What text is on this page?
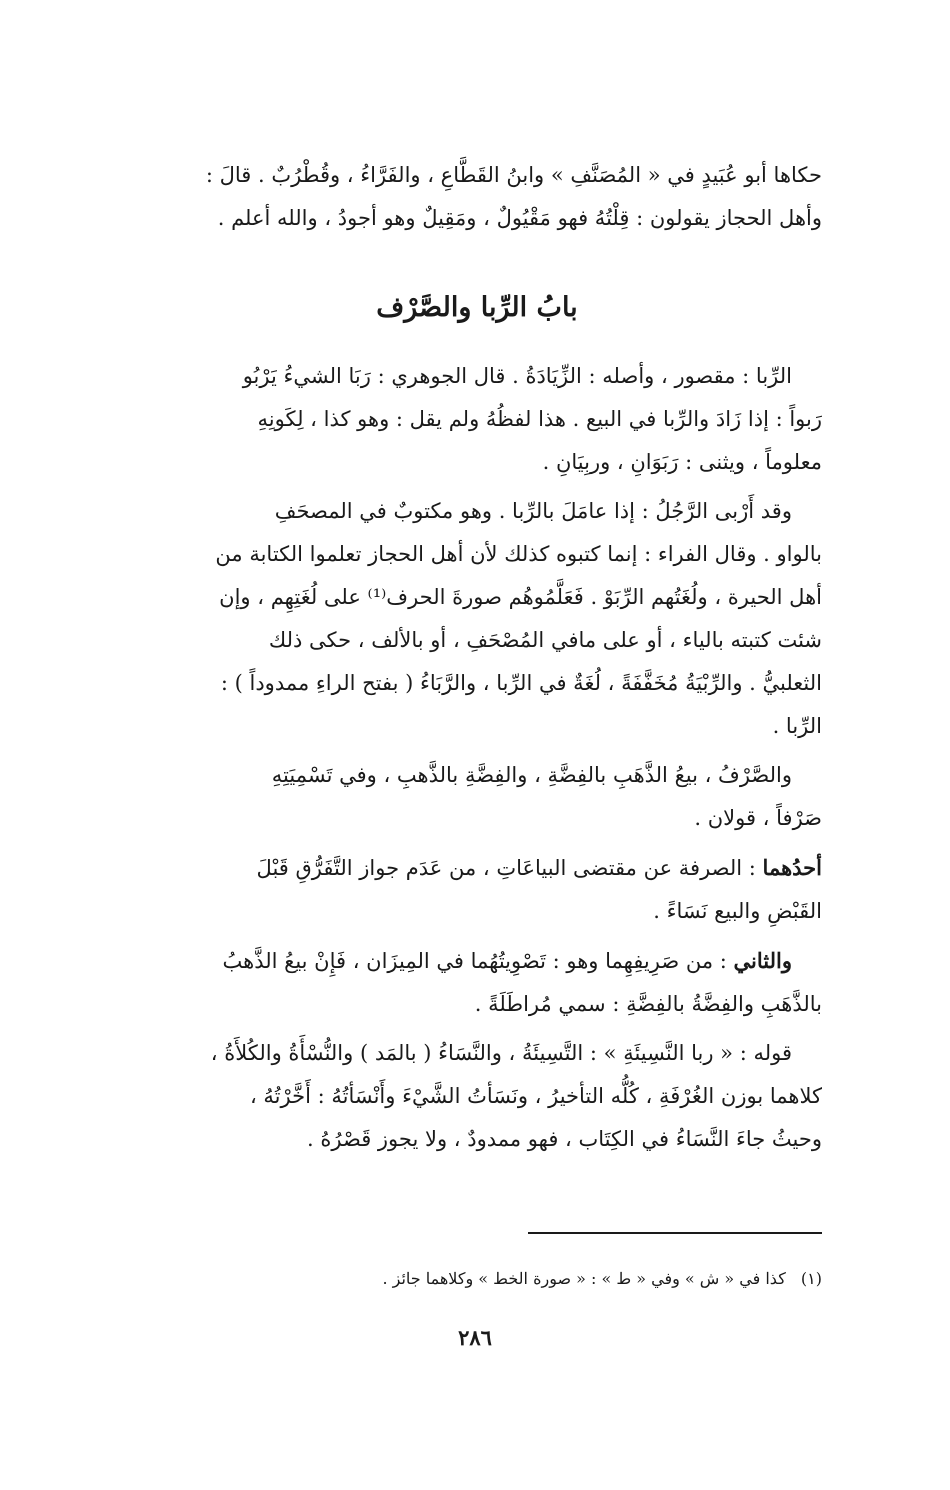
حكاها أبو عُبَيدٍ في « المُصَنَّفِ » وابنُ القَطَّاعِ ، والفَرَّاءُ ، وقُطْرُبٌ . قالَ :
وأهل الحجاز يقولون : قِلْتُهُ فهو مَقْيُولٌ ، ومَقِيلٌ وهو أجودُ ، والله أعلم .
بابُ الرِّبا والصَّرْف

الرِّبا : مقصور ، وأصله : الزِّيَادَةُ . قال الجوهري : رَبَا الشيءُ يَرْبُو
رَبواً : إذا زَادَ والرِّبا في البيع . هذا لفظُهُ ولم يقل : وهو كذا ، لِكَونِهِ
معلوماً ، ويثنى : رَبَوَانِ ، وربِيَانِ .

وقد أَرْبى الرَّجُلُ : إذا عامَلَ بالرِّبا . وهو مكتوبٌ في المصحَفِ
بالواو . وقال الفراء : إنما كتبوه كذلك لأن أهل الحجاز تعلموا الكتابة من
أهل الحيرة ، ولُغَتُهم الرِّبَوْ . فَعَلَّمُوهُم صورةَ الحرف⁽¹⁾ على لُغَتِهِم ، وإن
شئت كتبته بالياء ، أو على مافي المُصْحَفِ ، أو بالألف ، حكى ذلك
الثعلبيُّ . والرِّبْيَةُ مُخَفَّفَةً ، لُغَةٌ في الرِّبا ، والرَّبَاءُ ( بفتح الراءِ ممدوداً ) :
الرِّبا .

والصَّرْفُ ، بيعُ الذَّهَبِ بالفِضَّةِ ، والفِضَّةِ بالذَّهبِ ، وفي تَسْمِيَتِهِ
صَرْفاً ، قولان .

أحدُهما : الصرفة عن مقتضى البياعَاتِ ، من عَدَم جواز التَّفَرُّقِ قَبْلَ
القَبْضِ والبيع نَسَاءً .

والثاني : من صَرِيفِهِما وهو : تَصْوِيتُهُما في المِيزَان ، فَإِنْ بيعُ الذَّهبُ
بالذَّهَبِ والفِضَّةُ بالفِضَّةِ : سمي مُراطَلَةً .

قوله : « ربا النَّسِيئَةِ » : التَّسِيئَةُ ، والنَّسَاءُ ( بالمَد ) والنُّسْأَةُ والكُلأَةُ ،
كلاهما بوزن الغُرْفَةِ ، كُلُّه التأخيرُ ، ونَسَأتُ الشَّيْءَ وأَنْسَأتُهُ : أَخَّرْتُهُ ،
وحيثُ جاءَ النَّسَاءُ في الكِتَاب ، فهو ممدودٌ ، ولا يجوز قَصْرُهُ .

(١) كذا في « ش » وفي « ط » : « صورة الخط » وكلاهما جائز .
٢٨٦
